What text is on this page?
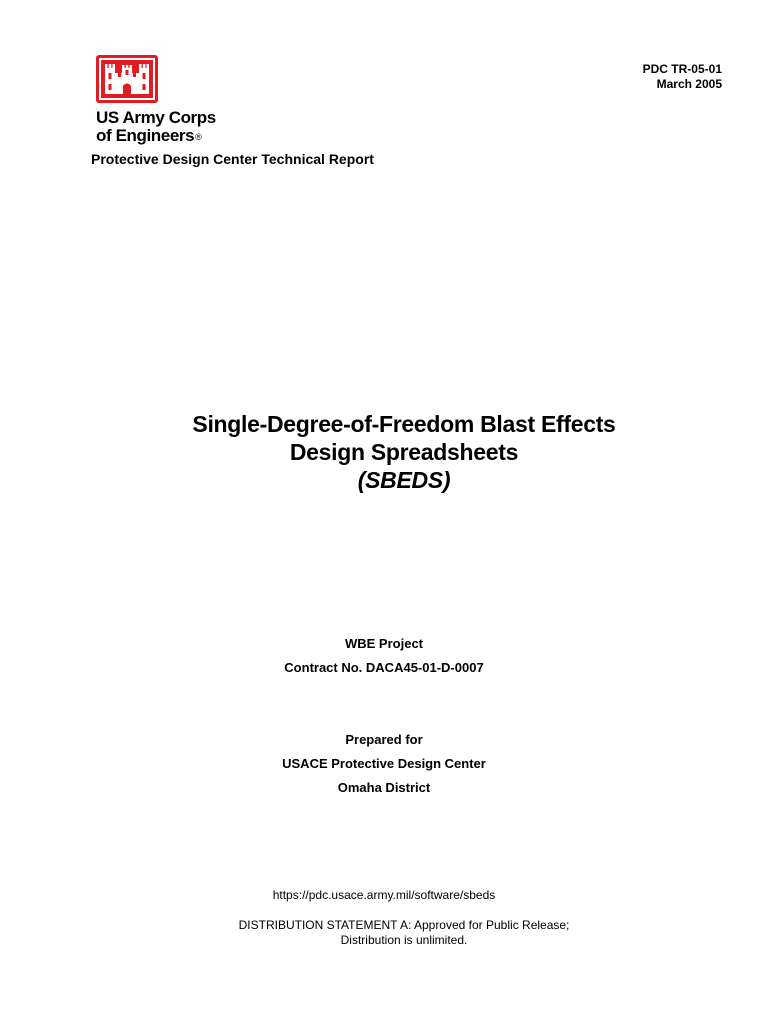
US Army Corps
of Engineers®
PDC TR-05-01
March 2005
Protective Design Center Technical Report
Single-Degree-of-Freedom Blast Effects
Design Spreadsheets
(SBEDS)
WBE Project
Contract No. DACA45-01-D-0007
Prepared for
USACE Protective Design Center
Omaha District
https://pdc.usace.army.mil/software/sbeds
DISTRIBUTION STATEMENT A: Approved for Public Release;
Distribution is unlimited.
